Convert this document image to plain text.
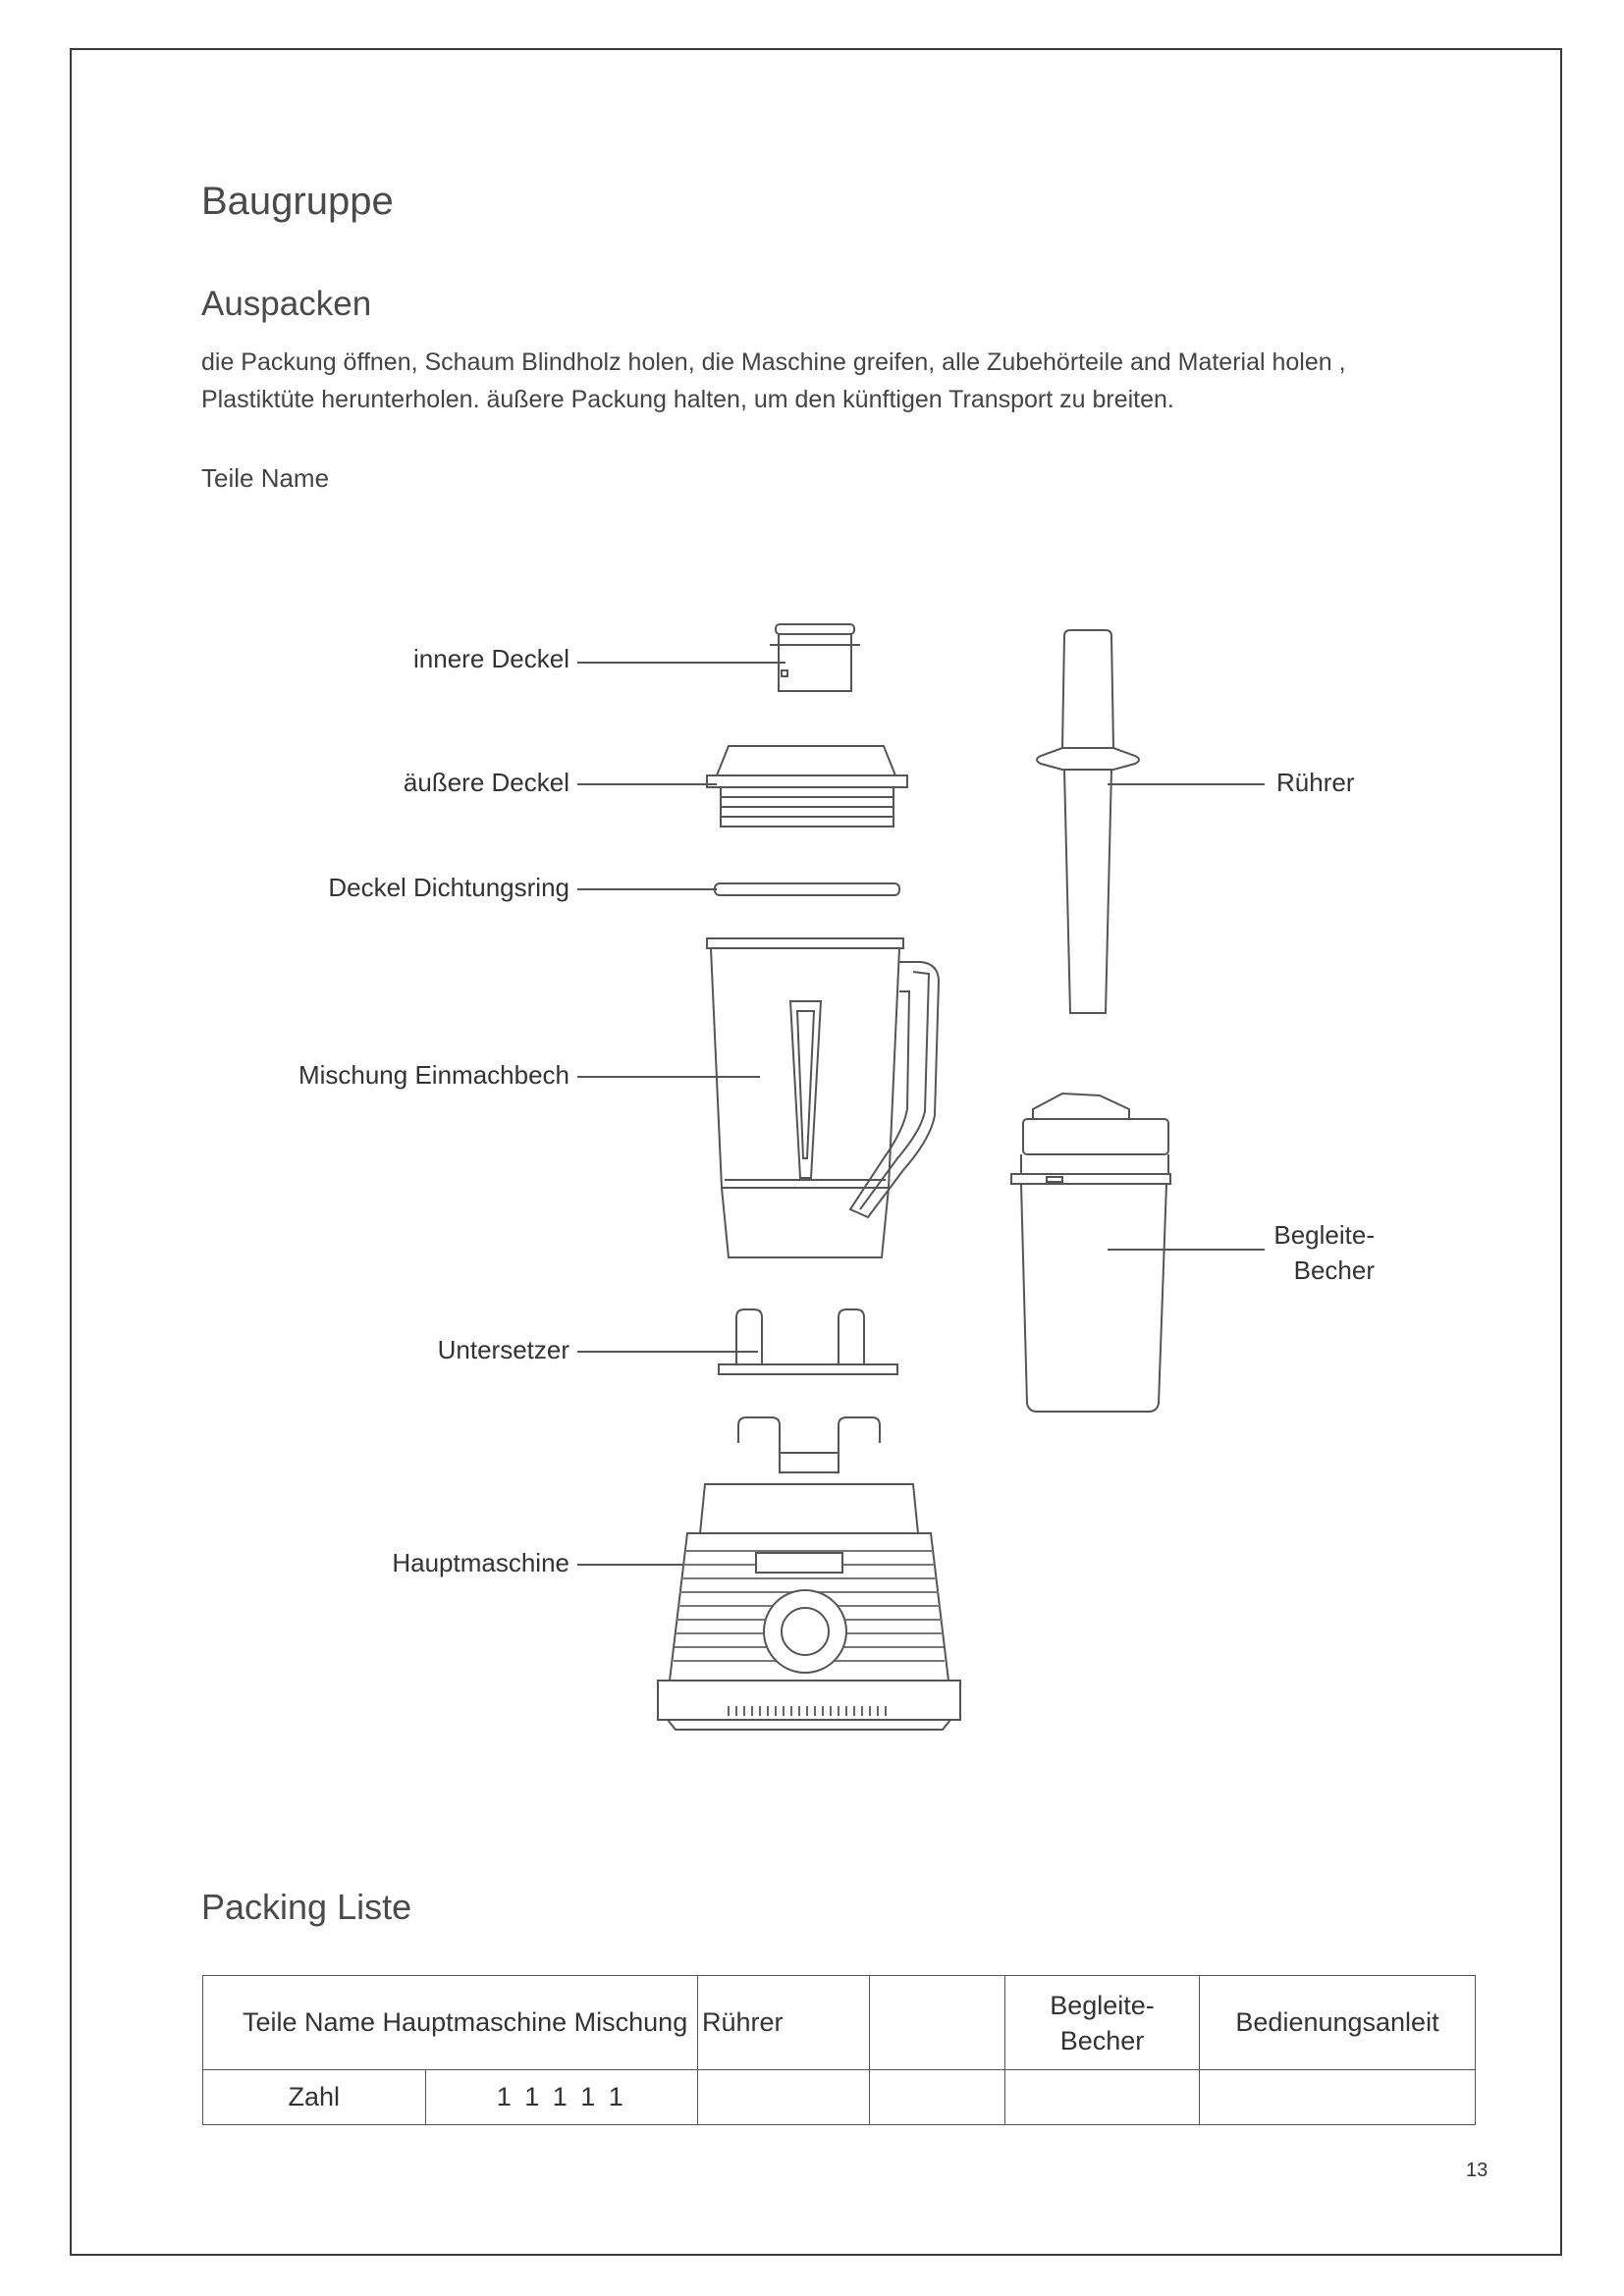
Baugruppe
Auspacken
die Packung öffnen, Schaum Blindholz holen, die Maschine greifen, alle Zubehörteile and Material holen ,
Plastiktüte herunterholen. äußere Packung halten, um den künftigen Transport zu breiten.
Teile Name
innere Deckel
äußere Deckel
Deckel Dichtungsring
Mischung Einmachbech
Untersetzer
Hauptmaschine
Rührer
Begleite-
Becher
Packing Liste
Teile Name Hauptmaschine Mischung		Rührer		Begleite-
Becher	Bedienungsanleit
Zahl	1 1 1 1 1				
13
